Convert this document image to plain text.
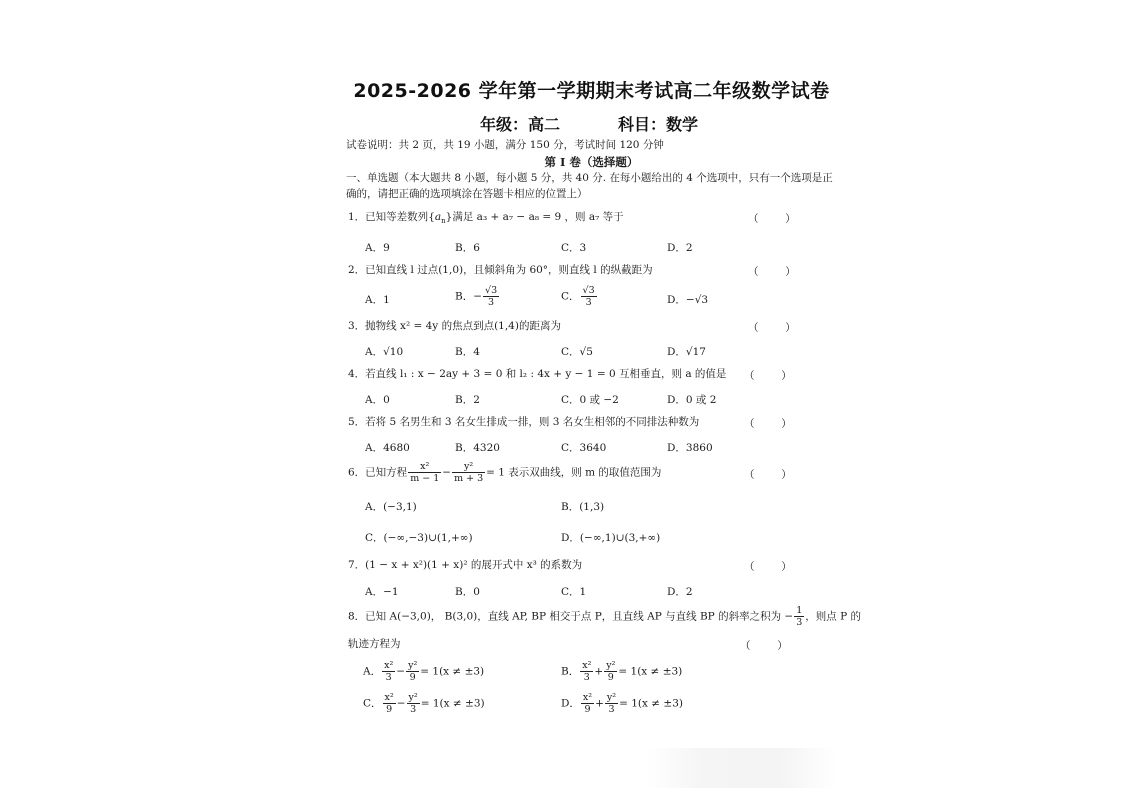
2025-2026 学年第一学期期末考试高二年级数学试卷
年级：高二	科目：数学
试卷说明：共 2 页，共 19 小题，满分 150 分，考试时间 120 分钟
第 I 卷（选择题）
一、单选题（本大题共 8 小题，每小题 5 分，共 40 分. 在每小题给出的 4 个选项中，只有一个选项是正
确的，请把正确的选项填涂在答题卡相应的位置上）
1．已知等差数列$\{a_n\}$满足 a₃ + a₇ − a₈ = 9 ，则 a₇ 等于	（        ）
A．9	B．6	C．3	D．2
2．已知直线 l 过点(1,0)，且倾斜角为 60°，则直线 l 的纵截距为	（        ）
A．1	B．− $\frac{√3}{3}$	C． $\frac{√3}{3}$	D．−√3
3．抛物线 x² = 4y 的焦点到点(1,4)的距离为	（        ）
A．√10	B．4	C．√5	D．√17
4．若直线 l₁ : x − 2ay + 3 = 0 和 l₂ : 4x + y − 1 = 0 互相垂直，则 a 的值是 （        ）
A．0	B．2	C．0 或 −2	D．0 或 2
5．若将 5 名男生和 3 名女生排成一排，则 3 名女生相邻的不同排法种数为	（        ）
A．4680	B．4320	C．3640	D．3860
6．已知方程 $\frac{\text{x²}}{m - 1} - \frac{\text{y²}}{m + 3} = 1$ 表示双曲线，则 m 的取值范围为	（        ）
A．(−3,1)	B．(1,3)
C．(−∞,−3)∪(1,+∞)	D．(−∞,1)∪(3,+∞)
7．(1 − x + x²)(1 + x)² 的展开式中 x³ 的系数为	（        ）
A．−1	B．0	C．1	D．2
8．已知 A(−3,0)， B(3,0)，直线 AP, BP 相交于点 P，且直线 AP 与直线 BP 的斜率之积为 − $\frac{1}{3}$ ，则点 P 的
轨迹方程为	（        ）
A． $\frac{\text{x²}}{3} - \frac{\text{y²}}{9} = 1(x \ne \pm 3)$	B． $\frac{\text{x²}}{3} + \frac{\text{y²}}{9} = 1(x \ne \pm 3)$
C． $\frac{\text{x²}}{9} - \frac{\text{y²}}{3} = 1(x \ne \pm 3)$	D． $\frac{\text{x²}}{9} + \frac{\text{y²}}{3} = 1(x \ne \pm 3)$
